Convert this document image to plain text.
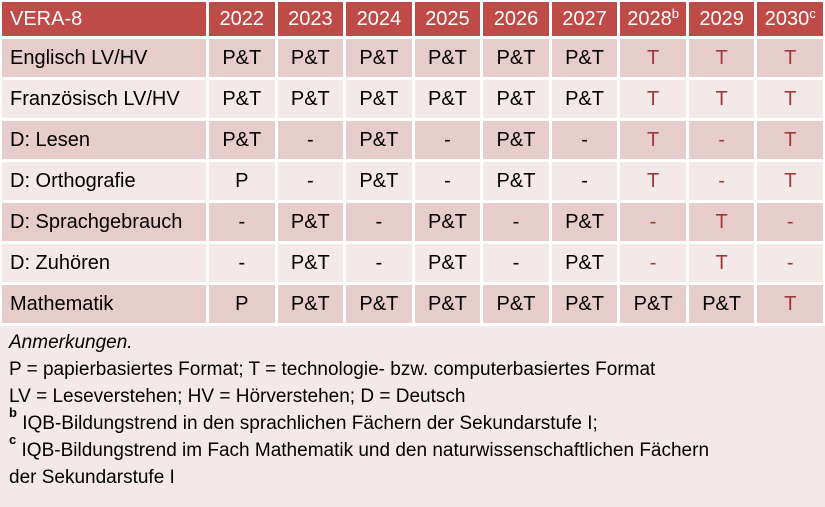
VERA-8	2022 2023 2024 2025 2026 2027 2028$^b$ 2029 2030$^c$
Englisch LV/HV	P&T	P&T	P&T	P&T	P&T	P&T	T	T	T
Französisch LV/HV	P&T	P&T	P&T	P&T	P&T	P&T	T	T	T
D: Lesen	P&T	-	P&T	-	P&T	-	T	-	T
D: Orthografie	P	-	P&T	-	P&T	-	T	-	T
D: Sprachgebrauch	-	P&T	-	P&T	-	P&T	-	T	-
D: Zuhören	-	P&T	-	P&T	-	P&T	-	T	-
Mathematik	P	P&T	P&T	P&T	P&T	P&T	P&T	P&T	T

Anmerkungen.

P = papierbasiertes Format; T = technologie- bzw. computerbasiertes Format

LV = Leseverstehen; HV = Hörverstehen; D = Deutsch

$^b$ IQB-Bildungstrend in den sprachlichen Fächern der Sekundarstufe I;

$^c$ IQB-Bildungstrend im Fach Mathematik und den naturwissenschaftlichen Fächern der Sekundarstufe I
